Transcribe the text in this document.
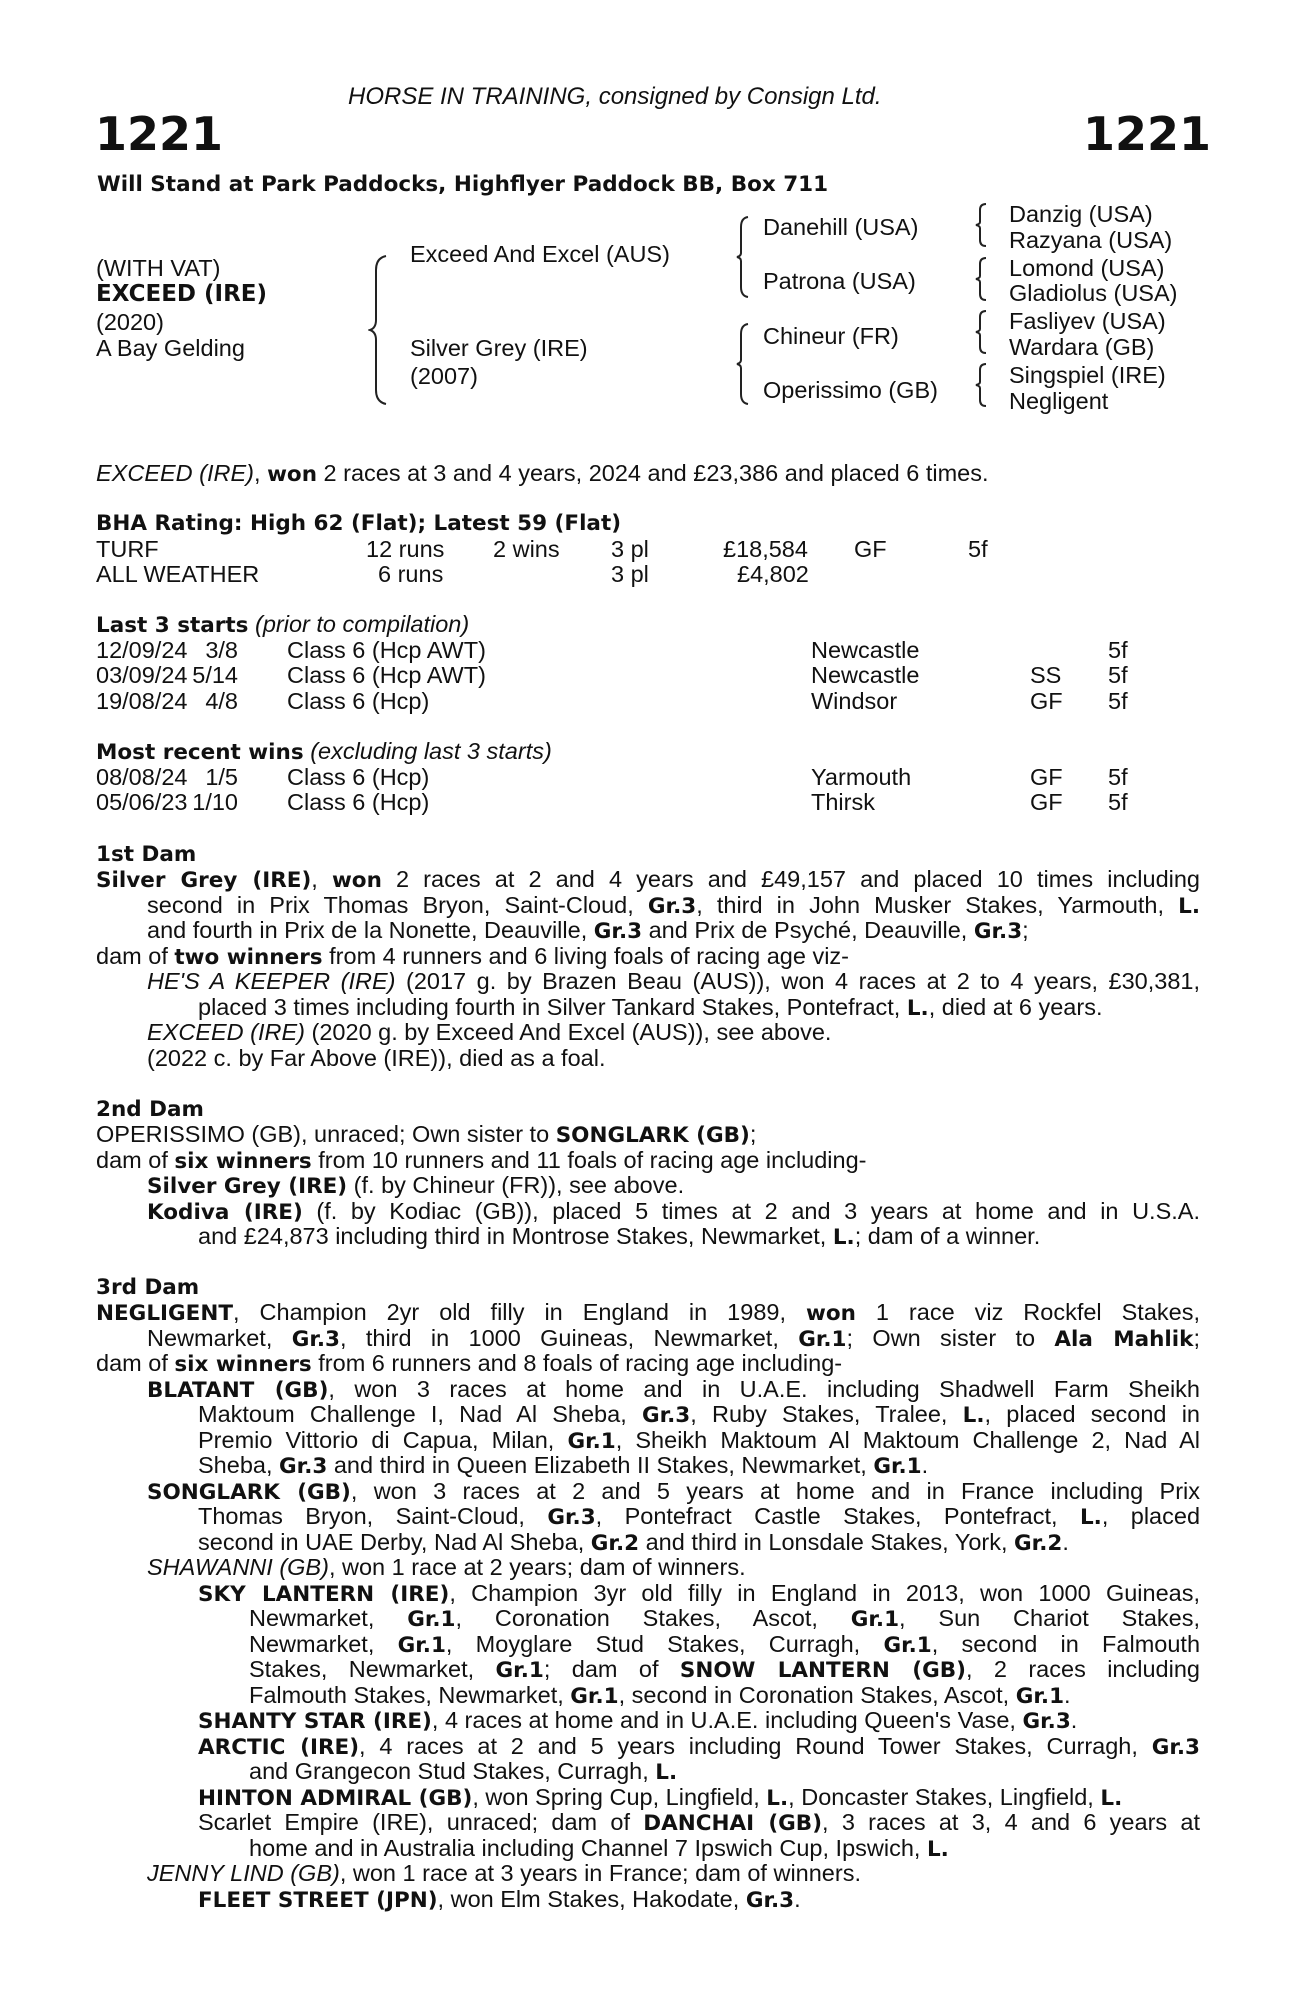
HORSE IN TRAINING, consigned by Consign Ltd.
1221	1221
Will Stand at Park Paddocks, Highflyer Paddock BB, Box 711
(WITH VAT)
EXCEED (IRE)
(2020)
A Bay Gelding
Exceed And Excel (AUS)
Silver Grey (IRE)
(2007)
Danehill (USA)
Patrona (USA)
Chineur (FR)
Operissimo (GB)
Danzig (USA)
Razyana (USA)
Lomond (USA)
Gladiolus (USA)
Fasliyev (USA)
Wardara (GB)
Singspiel (IRE)
Negligent
EXCEED (IRE), won 2 races at 3 and 4 years, 2024 and £23,386 and placed 6 times.
BHA Rating: High 62 (Flat); Latest 59 (Flat)
TURF	12 runs 2 wins 3 pl	£18,584 GF	5f
ALL WEATHER	6 runs	3 pl	£4,802
Last 3 starts (prior to compilation)
12/09/24 3/8 Class 6 (Hcp AWT)	Newcastle	5f
03/09/24 5/14 Class 6 (Hcp AWT)	Newcastle	SS 5f
19/08/24 4/8 Class 6 (Hcp)	Windsor	GF 5f
Most recent wins (excluding last 3 starts)
08/08/24 1/5 Class 6 (Hcp)	Yarmouth	GF 5f
05/06/23 1/10 Class 6 (Hcp)	Thirsk	GF 5f
1st Dam
Silver Grey (IRE), won 2 races at 2 and 4 years and £49,157 and placed 10 times including
second in Prix Thomas Bryon, Saint-Cloud, Gr.3, third in John Musker Stakes, Yarmouth, L.
and fourth in Prix de la Nonette, Deauville, Gr.3 and Prix de Psyché, Deauville, Gr.3;
dam of two winners from 4 runners and 6 living foals of racing age viz-
HE'S A KEEPER (IRE) (2017 g. by Brazen Beau (AUS)), won 4 races at 2 to 4 years, £30,381,
placed 3 times including fourth in Silver Tankard Stakes, Pontefract, L., died at 6 years.
EXCEED (IRE) (2020 g. by Exceed And Excel (AUS)), see above.
(2022 c. by Far Above (IRE)), died as a foal.
2nd Dam
OPERISSIMO (GB), unraced; Own sister to SONGLARK (GB);
dam of six winners from 10 runners and 11 foals of racing age including-
Silver Grey (IRE) (f. by Chineur (FR)), see above.
Kodiva (IRE) (f. by Kodiac (GB)), placed 5 times at 2 and 3 years at home and in U.S.A.
and £24,873 including third in Montrose Stakes, Newmarket, L.; dam of a winner.
3rd Dam
NEGLIGENT, Champion 2yr old filly in England in 1989, won 1 race viz Rockfel Stakes,
Newmarket, Gr.3, third in 1000 Guineas, Newmarket, Gr.1; Own sister to Ala Mahlik;
dam of six winners from 6 runners and 8 foals of racing age including-
BLATANT (GB), won 3 races at home and in U.A.E. including Shadwell Farm Sheikh
Maktoum Challenge I, Nad Al Sheba, Gr.3, Ruby Stakes, Tralee, L., placed second in
Premio Vittorio di Capua, Milan, Gr.1, Sheikh Maktoum Al Maktoum Challenge 2, Nad Al
Sheba, Gr.3 and third in Queen Elizabeth II Stakes, Newmarket, Gr.1.
SONGLARK (GB), won 3 races at 2 and 5 years at home and in France including Prix
Thomas Bryon, Saint-Cloud, Gr.3, Pontefract Castle Stakes, Pontefract, L., placed
second in UAE Derby, Nad Al Sheba, Gr.2 and third in Lonsdale Stakes, York, Gr.2.
SHAWANNI (GB), won 1 race at 2 years; dam of winners.
SKY LANTERN (IRE), Champion 3yr old filly in England in 2013, won 1000 Guineas,
Newmarket, Gr.1, Coronation Stakes, Ascot, Gr.1, Sun Chariot Stakes,
Newmarket, Gr.1, Moyglare Stud Stakes, Curragh, Gr.1, second in Falmouth
Stakes, Newmarket, Gr.1; dam of SNOW LANTERN (GB), 2 races including
Falmouth Stakes, Newmarket, Gr.1, second in Coronation Stakes, Ascot, Gr.1.
SHANTY STAR (IRE), 4 races at home and in U.A.E. including Queen's Vase, Gr.3.
ARCTIC (IRE), 4 races at 2 and 5 years including Round Tower Stakes, Curragh, Gr.3
and Grangecon Stud Stakes, Curragh, L.
HINTON ADMIRAL (GB), won Spring Cup, Lingfield, L., Doncaster Stakes, Lingfield, L.
Scarlet Empire (IRE), unraced; dam of DANCHAI (GB), 3 races at 3, 4 and 6 years at
home and in Australia including Channel 7 Ipswich Cup, Ipswich, L.
JENNY LIND (GB), won 1 race at 3 years in France; dam of winners.
FLEET STREET (JPN), won Elm Stakes, Hakodate, Gr.3.
